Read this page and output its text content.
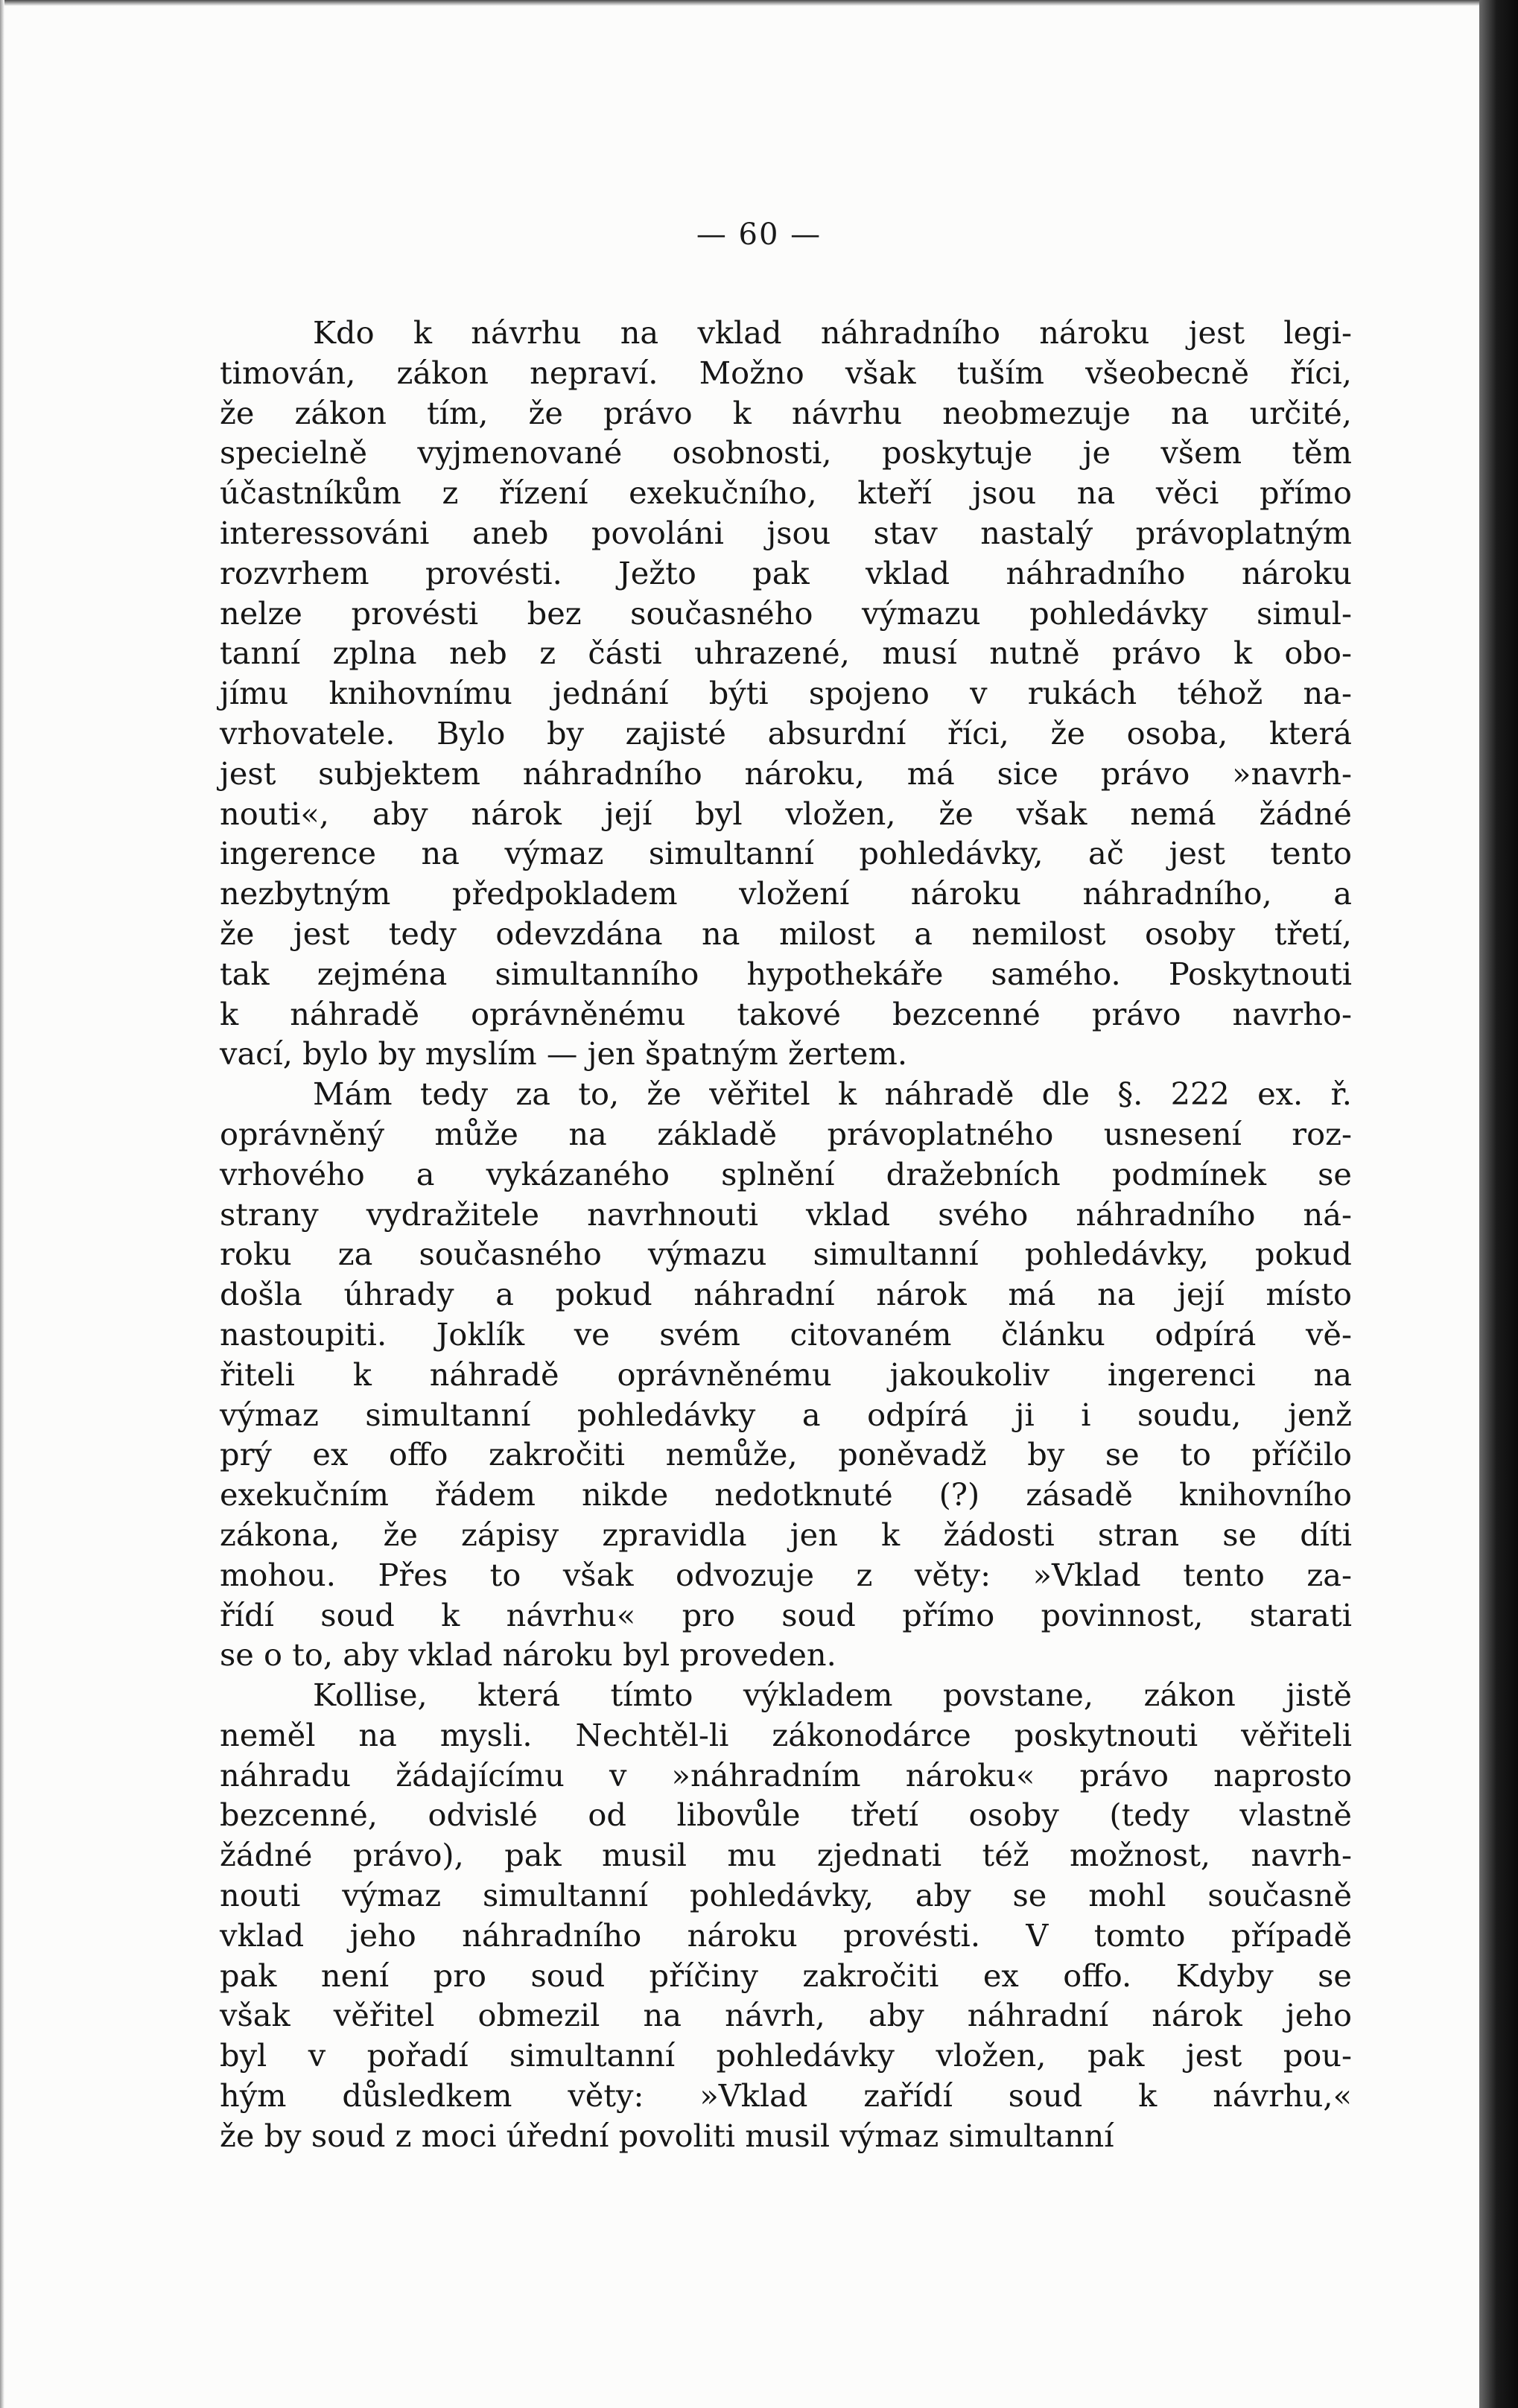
— 60 —
Kdo k návrhu na vklad náhradního nároku jest legi-
timován, zákon nepraví. Možno však tuším všeobecně říci,
že zákon tím, že právo k návrhu neobmezuje na určité,
specielně vyjmenované osobnosti, poskytuje je všem těm
účastníkům z řízení exekučního, kteří jsou na věci přímo
interessováni aneb povoláni jsou stav nastalý právoplatným
rozvrhem provésti. Ježto pak vklad náhradního nároku
nelze provésti bez současného výmazu pohledávky simul-
tanní zplna neb z části uhrazené, musí nutně právo k obo-
jímu knihovnímu jednání býti spojeno v rukách téhož na-
vrhovatele. Bylo by zajisté absurdní říci, že osoba, která
jest subjektem náhradního nároku, má sice právo »navrh-
nouti«, aby nárok její byl vložen, že však nemá žádné
ingerence na výmaz simultanní pohledávky, ač jest tento
nezbytným předpokladem vložení nároku náhradního, a
že jest tedy odevzdána na milost a nemilost osoby třetí,
tak zejména simultanního hypothekáře samého. Poskytnouti
k náhradě oprávněnému takové bezcenné právo navrho-
vací, bylo by myslím — jen špatným žertem.
Mám tedy za to, že věřitel k náhradě dle §. 222 ex. ř.
oprávněný může na základě právoplatného usnesení roz-
vrhového a vykázaného splnění dražebních podmínek se
strany vydražitele navrhnouti vklad svého náhradního ná-
roku za současného výmazu simultanní pohledávky, pokud
došla úhrady a pokud náhradní nárok má na její místo
nastoupiti. Joklík ve svém citovaném článku odpírá vě-
řiteli k náhradě oprávněnému jakoukoliv ingerenci na
výmaz simultanní pohledávky a odpírá ji i soudu, jenž
prý ex offo zakročiti nemůže, poněvadž by se to příčilo
exekučním řádem nikde nedotknuté (?) zásadě knihovního
zákona, že zápisy zpravidla jen k žádosti stran se díti
mohou. Přes to však odvozuje z věty: »Vklad tento za-
řídí soud k návrhu« pro soud přímo povinnost, starati
se o to, aby vklad nároku byl proveden.
Kollise, která tímto výkladem povstane, zákon jistě
neměl na mysli. Nechtěl-li zákonodárce poskytnouti věřiteli
náhradu žádajícímu v »náhradním nároku« právo naprosto
bezcenné, odvislé od libovůle třetí osoby (tedy vlastně
žádné právo), pak musil mu zjednati též možnost, navrh-
nouti výmaz simultanní pohledávky, aby se mohl současně
vklad jeho náhradního nároku provésti. V tomto případě
pak není pro soud příčiny zakročiti ex offo. Kdyby se
však věřitel obmezil na návrh, aby náhradní nárok jeho
byl v pořadí simultanní pohledávky vložen, pak jest pou-
hým důsledkem věty: »Vklad zařídí soud k návrhu,«
že by soud z moci úřední povoliti musil výmaz simultanní
